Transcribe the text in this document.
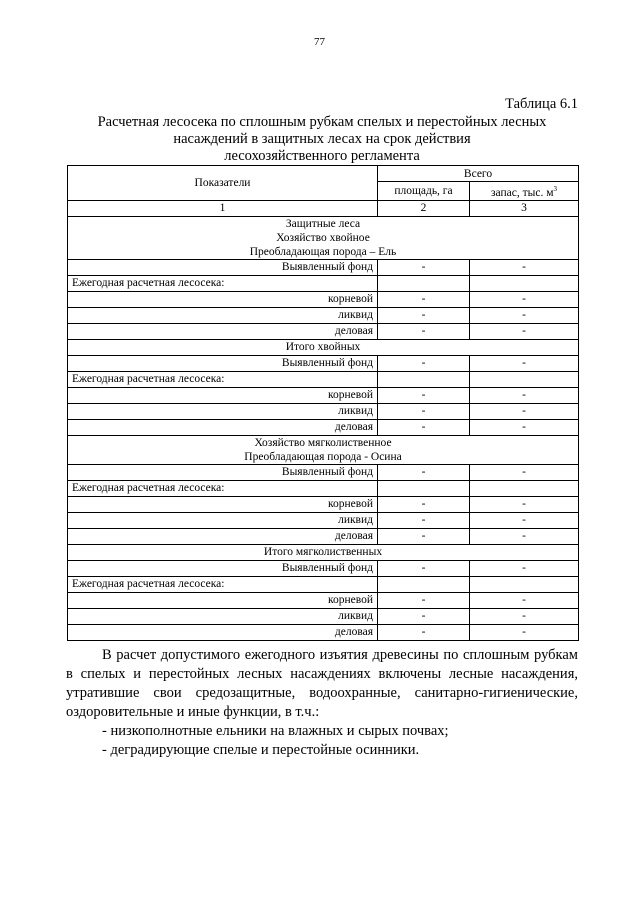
77
Таблица 6.1
Расчетная лесосека по сплошным рубкам спелых и перестойных лесных
насаждений в защитных лесах на срок действия
лесохозяйственного регламента
Показатели	Всего	
	площадь, га	запас, тыс. $м^3$
1	2	3

Защитные леса
Хозяйство хвойное
Преобладающая порода – Ель		

Выявленный фонд	-	-
Ежегодная расчетная лесосека:		
корневой	-	-
ликвид	-	-
деловая	-	-

Итого хвойных		

Выявленный фонд	-	-
Ежегодная расчетная лесосека:		
корневой	-	-
ликвид	-	-
деловая	-	-

Хозяйство мягколиственное
Преобладающая порода - Осина		

Выявленный фонд	-	-
Ежегодная расчетная лесосека:		
корневой	-	-
ликвид	-	-
деловая	-	-

Итого мягколиственных		

Выявленный фонд	-	-
Ежегодная расчетная лесосека:		
корневой	-	-
ликвид	-	-
деловая	-	-

В расчет допустимого ежегодного изъятия древесины по сплошным рубкам в спелых и перестойных лесных насаждениях включены лесные насаждения, утратившие свои средозащитные, водоохранные, санитарно-гигиенические, оздоровительные и иные функции, в т.ч.:

- низкополнотные ельники на влажных и сырых почвах;

- деградирующие спелые и перестойные осинники.
